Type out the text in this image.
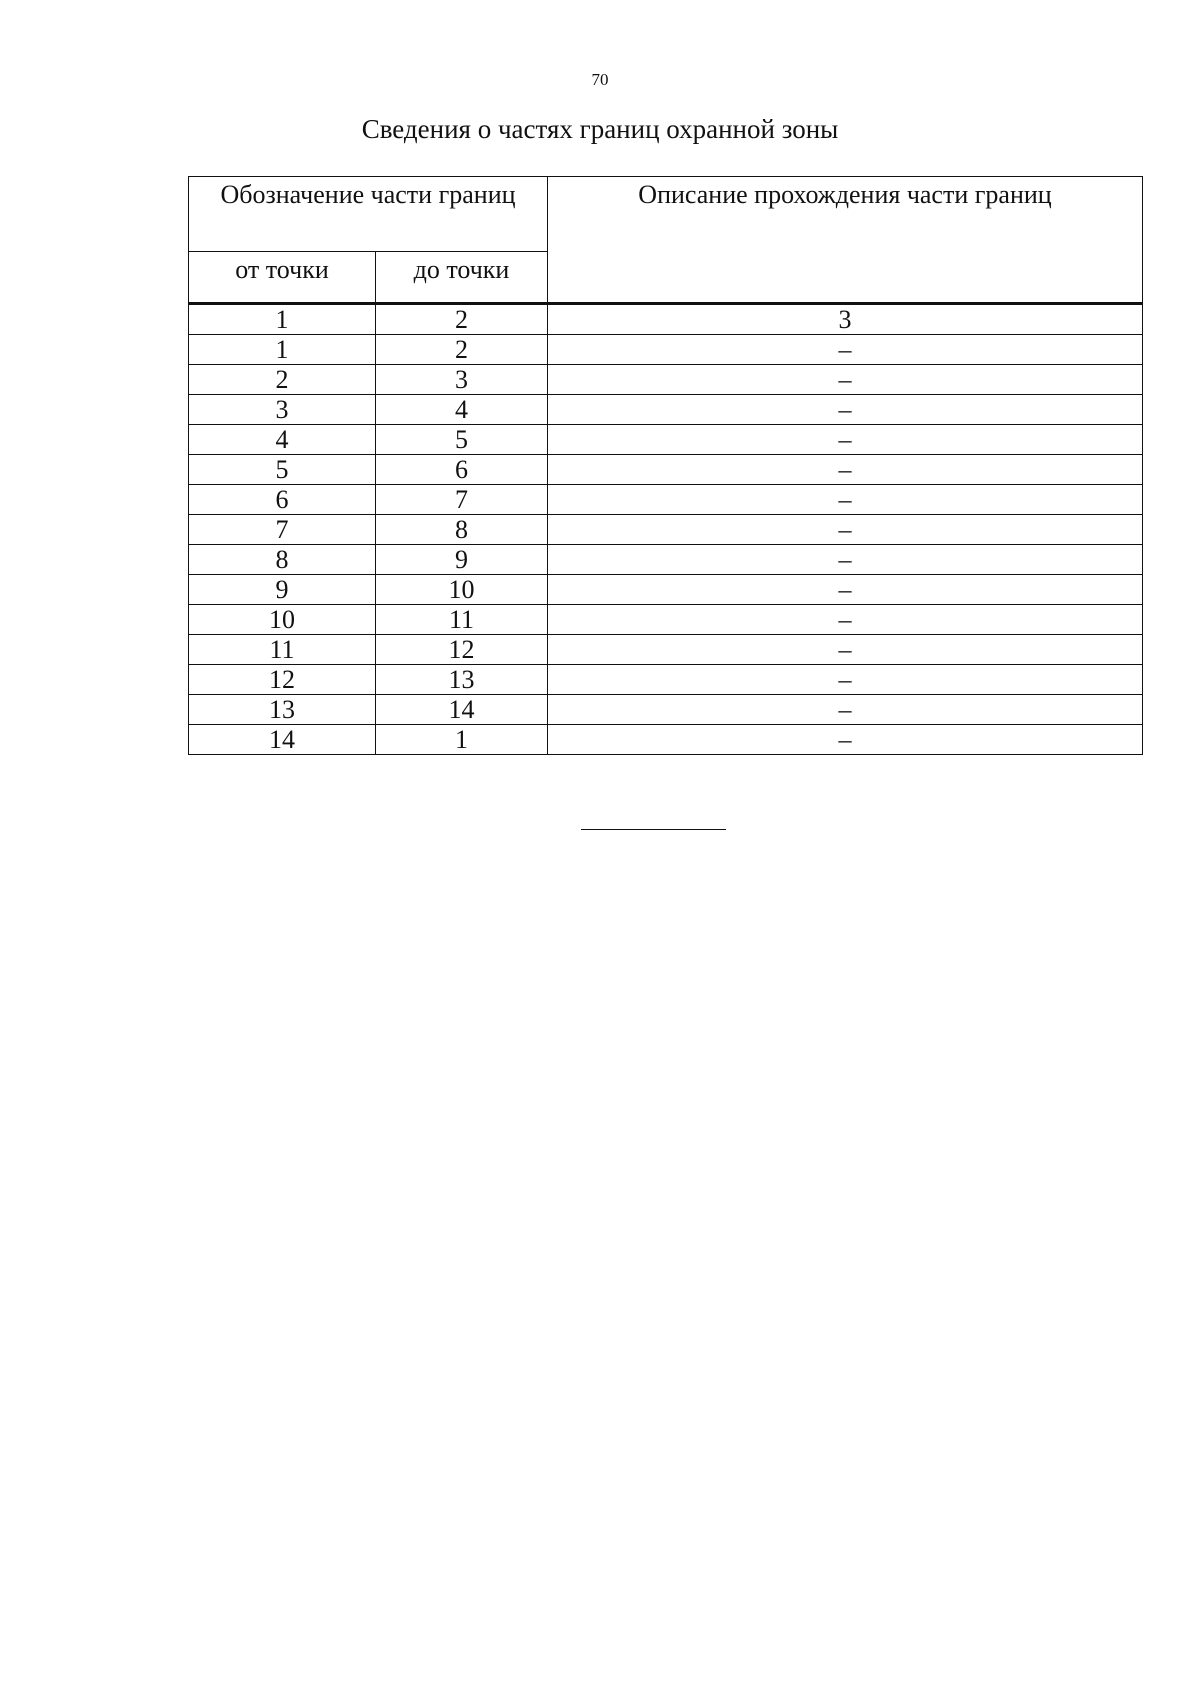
70
Сведения о частях границ охранной зоны
Обозначение части границ		Описание прохождения части границ
от точки	до точки	
1	2	3
1	2	–
2	3	–
3	4	–
4	5	–
5	6	–
6	7	–
7	8	–
8	9	–
9	10	–
10	11	–
11	12	–
12	13	–
13	14	–
14	1	–
